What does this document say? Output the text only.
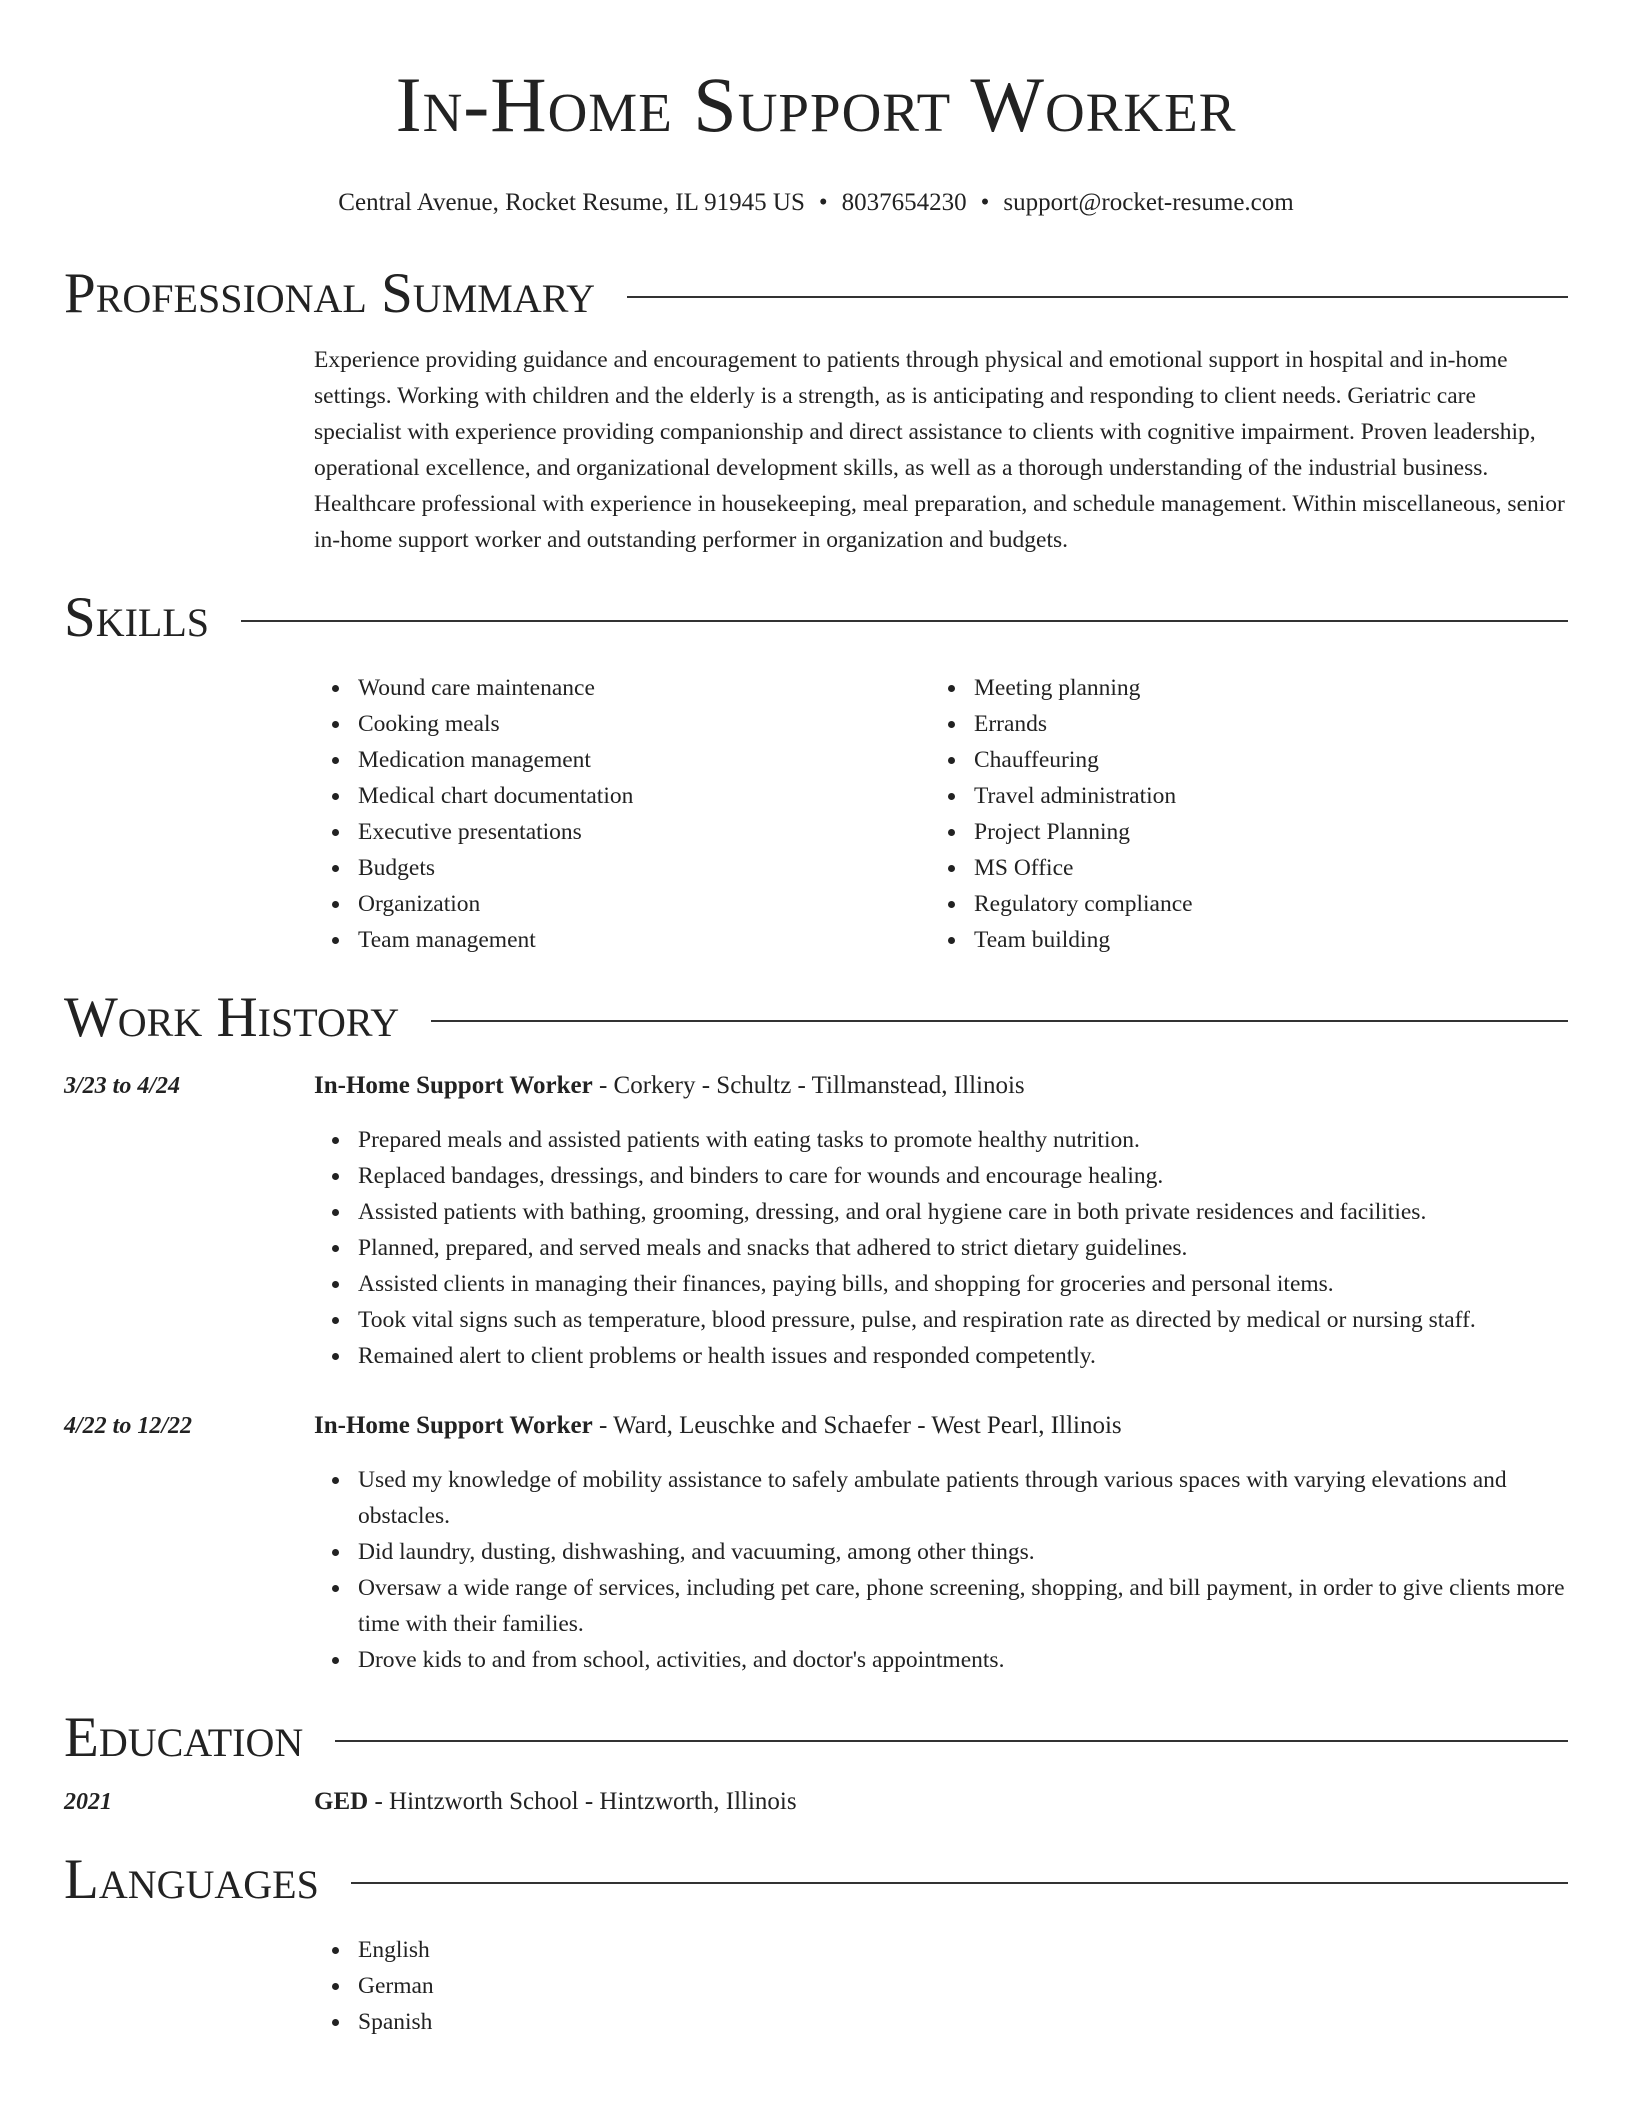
In-Home Support Worker
Central Avenue, Rocket Resume, IL 91945 US • 8037654230 • support@rocket-resume.com
Professional Summary

Experience providing guidance and encouragement to patients through physical and emotional support in hospital and in-home settings. Working with children and the elderly is a strength, as is anticipating and responding to client needs. Geriatric care specialist with experience providing companionship and direct assistance to clients with cognitive impairment. Proven leadership, operational excellence, and organizational development skills, as well as a thorough understanding of the industrial business. Healthcare professional with experience in housekeeping, meal preparation, and schedule management. Within miscellaneous, senior in-home support worker and outstanding performer in organization and budgets.

Skills
Wound care maintenance
Cooking meals
Medication management
Medical chart documentation
Executive presentations
Budgets
Organization
Team management
Meeting planning
Errands
Chauffeuring
Travel administration
Project Planning
MS Office
Regulatory compliance
Team building
Work History
3/23 to 4/24	In-Home Support Worker - Corkery - Schultz - Tillmanstead, Illinois
Prepared meals and assisted patients with eating tasks to promote healthy nutrition.
Replaced bandages, dressings, and binders to care for wounds and encourage healing.
Assisted patients with bathing, grooming, dressing, and oral hygiene care in both private residences and facilities.
Planned, prepared, and served meals and snacks that adhered to strict dietary guidelines.
Assisted clients in managing their finances, paying bills, and shopping for groceries and personal items.
Took vital signs such as temperature, blood pressure, pulse, and respiration rate as directed by medical or nursing staff.
Remained alert to client problems or health issues and responded competently.
4/22 to 12/22	In-Home Support Worker - Ward, Leuschke and Schaefer - West Pearl, Illinois
Used my knowledge of mobility assistance to safely ambulate patients through various spaces with varying elevations and obstacles.
Did laundry, dusting, dishwashing, and vacuuming, among other things.
Oversaw a wide range of services, including pet care, phone screening, shopping, and bill payment, in order to give clients more time with their families.
Drove kids to and from school, activities, and doctor's appointments.
Education
2021	GED - Hintzworth School - Hintzworth, Illinois
Languages
English
German
Spanish
